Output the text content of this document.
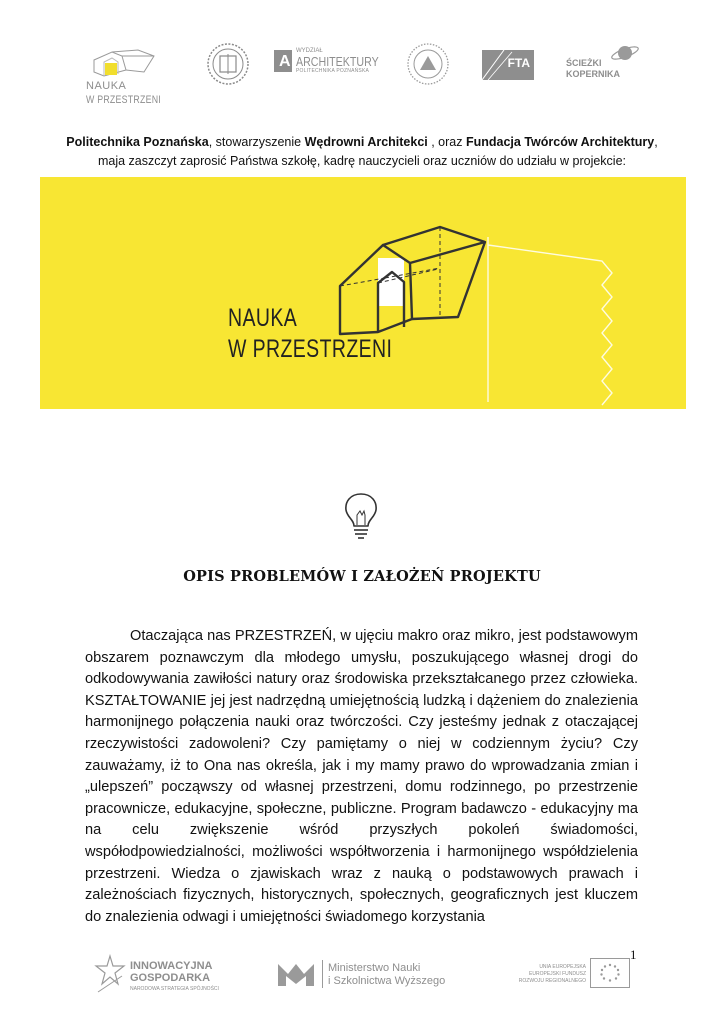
NAUKA
W PRZESTRZENI
A
WYDZIAŁ
ARCHITEKTURY
POLITECHNIKA POZNAŃSKA
FTA	ŚCIEŻKI
KOPERNIKA
Politechnika Poznańska, stowarzyszenie Wędrowni Architekci , oraz Fundacja Twórców Architektury,
maja zaszczyt zaprosić Państwa szkołę, kadrę nauczycieli oraz uczniów do udziału w projekcie:
NAUKA
W PRZESTRZENI
OPIS PROBLEMÓW I ZAŁOŻEŃ PROJEKTU

Otaczająca nas PRZESTRZEŃ, w ujęciu makro oraz mikro, jest podstawowym obszarem poznawczym dla młodego umysłu, poszukującego własnej drogi do odkodowywania zawiłości natury oraz środowiska przekształcanego przez człowieka. KSZTAŁTOWANIE jej jest nadrzędną umiejętnością ludzką i dążeniem do znalezienia harmonijnego połączenia nauki oraz twórczości. Czy jesteśmy jednak z otaczającej rzeczywistości zadowoleni? Czy pamiętamy o niej w codziennym życiu? Czy zauważamy, iż to Ona nas określa, jak i my mamy prawo do wprowadzania zmian i „ulepszeń” począwszy od własnej przestrzeni, domu rodzinnego, po przestrzenie pracownicze, edukacyjne, społeczne, publiczne. Program badawczo - edukacyjny ma na celu zwiększenie wśród przyszłych pokoleń świadomości, współodpowiedzialności, możliwości współtworzenia i harmonijnego współdzielenia przestrzeni. Wiedza o zjawiskach wraz z nauką o podstawowych prawach i zależnościach fizycznych, historycznych, społecznych, geograficznych jest kluczem do znalezienia odwagi i umiejętności świadomego korzystania

1
INNOWACYJNA
GOSPODARKA
NARODOWA STRATEGIA SPÓJNOŚCI
Ministerstwo Nauki
i Szkolnictwa Wyższego
UNIA EUROPEJSKA
EUROPEJSKI FUNDUSZ
ROZWOJU REGIONALNEGO
